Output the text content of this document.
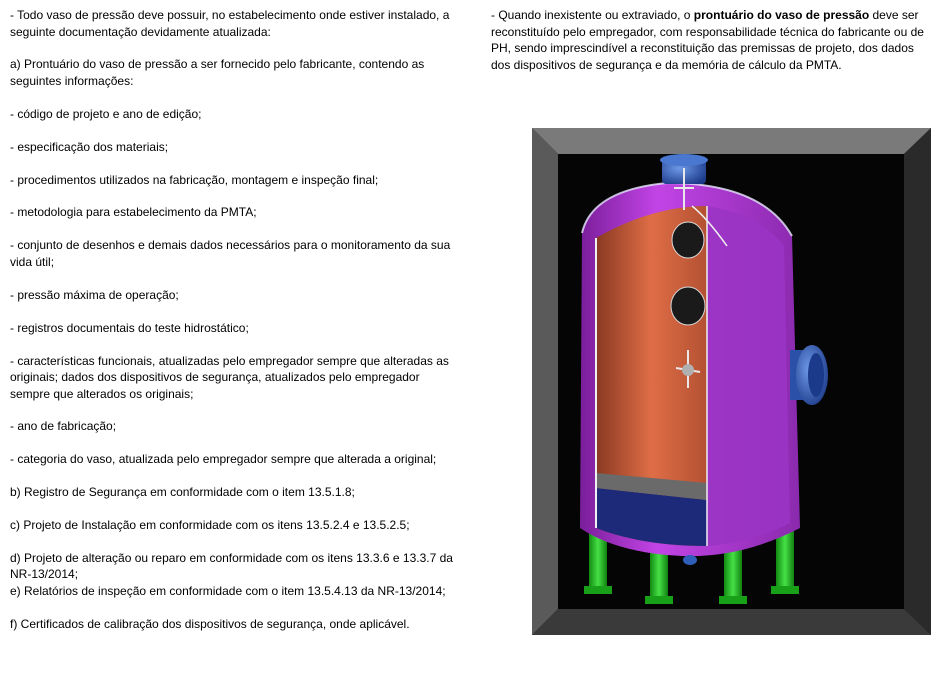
- Todo vaso de pressão deve possuir, no estabelecimento onde estiver instalado, a seguinte documentação devidamente atualizada:

a) Prontuário do vaso de pressão a ser fornecido pelo fabricante, contendo as seguintes informações:

- código de projeto e ano de edição;

- especificação dos materiais;

- procedimentos utilizados na fabricação, montagem e inspeção final;

- metodologia para estabelecimento da PMTA;

- conjunto de desenhos e demais dados necessários para o monitoramento da sua vida útil;

- pressão máxima de operação;

- registros documentais do teste hidrostático;

- características funcionais, atualizadas pelo empregador sempre que alteradas as originais; dados dos dispositivos de segurança, atualizados pelo empregador sempre que alterados os originais;

- ano de fabricação;

- categoria do vaso, atualizada pelo empregador sempre que alterada a original;

b) Registro de Segurança em conformidade com o item 13.5.1.8;

c) Projeto de Instalação em conformidade com os itens 13.5.2.4 e 13.5.2.5;

d) Projeto de alteração ou reparo em conformidade com os itens 13.3.6 e 13.3.7 da NR-13/2014;

e) Relatórios de inspeção em conformidade com o item 13.5.4.13 da NR-13/2014;

f) Certificados de calibração dos dispositivos de segurança, onde aplicável.

- Quando inexistente ou extraviado, o prontuário do vaso de pressão deve ser reconstituído pelo empregador, com responsabilidade técnica do fabricante ou de PH, sendo imprescindível a reconstituição das premissas de projeto, dos dados dos dispositivos de segurança e da memória de cálculo da PMTA.
